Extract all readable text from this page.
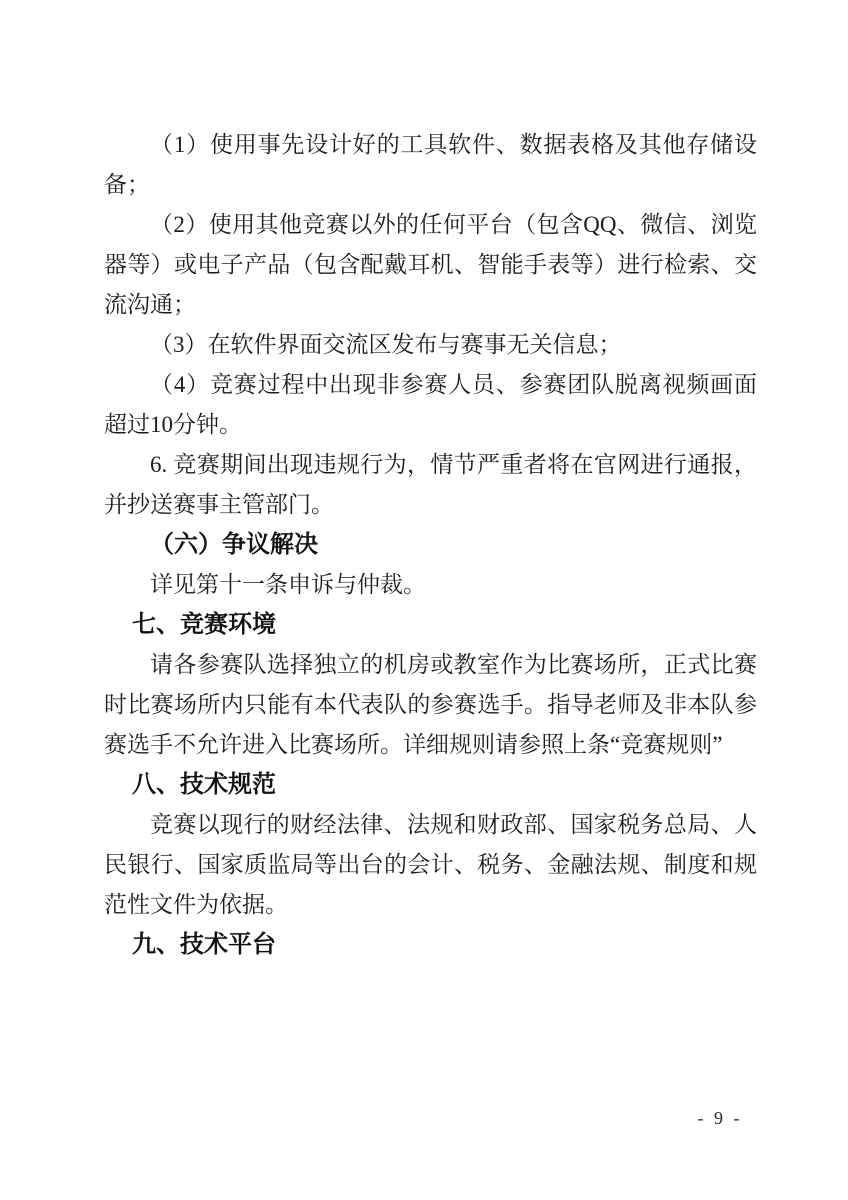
（1）使用事先设计好的工具软件、数据表格及其他存储设
备；
（2）使用其他竞赛以外的任何平台（包含QQ、微信、浏览
器等）或电子产品（包含配戴耳机、智能手表等）进行检索、交
流沟通；
（3）在软件界面交流区发布与赛事无关信息；
（4）竞赛过程中出现非参赛人员、参赛团队脱离视频画面
超过10分钟。
6. 竞赛期间出现违规行为，情节严重者将在官网进行通报，
并抄送赛事主管部门。
（六）争议解决
详见第十一条申诉与仲裁。
七、竞赛环境
请各参赛队选择独立的机房或教室作为比赛场所，正式比赛
时比赛场所内只能有本代表队的参赛选手。指导老师及非本队参
赛选手不允许进入比赛场所。详细规则请参照上条“竞赛规则”
八、技术规范
竞赛以现行的财经法律、法规和财政部、国家税务总局、人
民银行、国家质监局等出台的会计、税务、金融法规、制度和规
范性文件为依据。
九、技术平台
- 9 -
